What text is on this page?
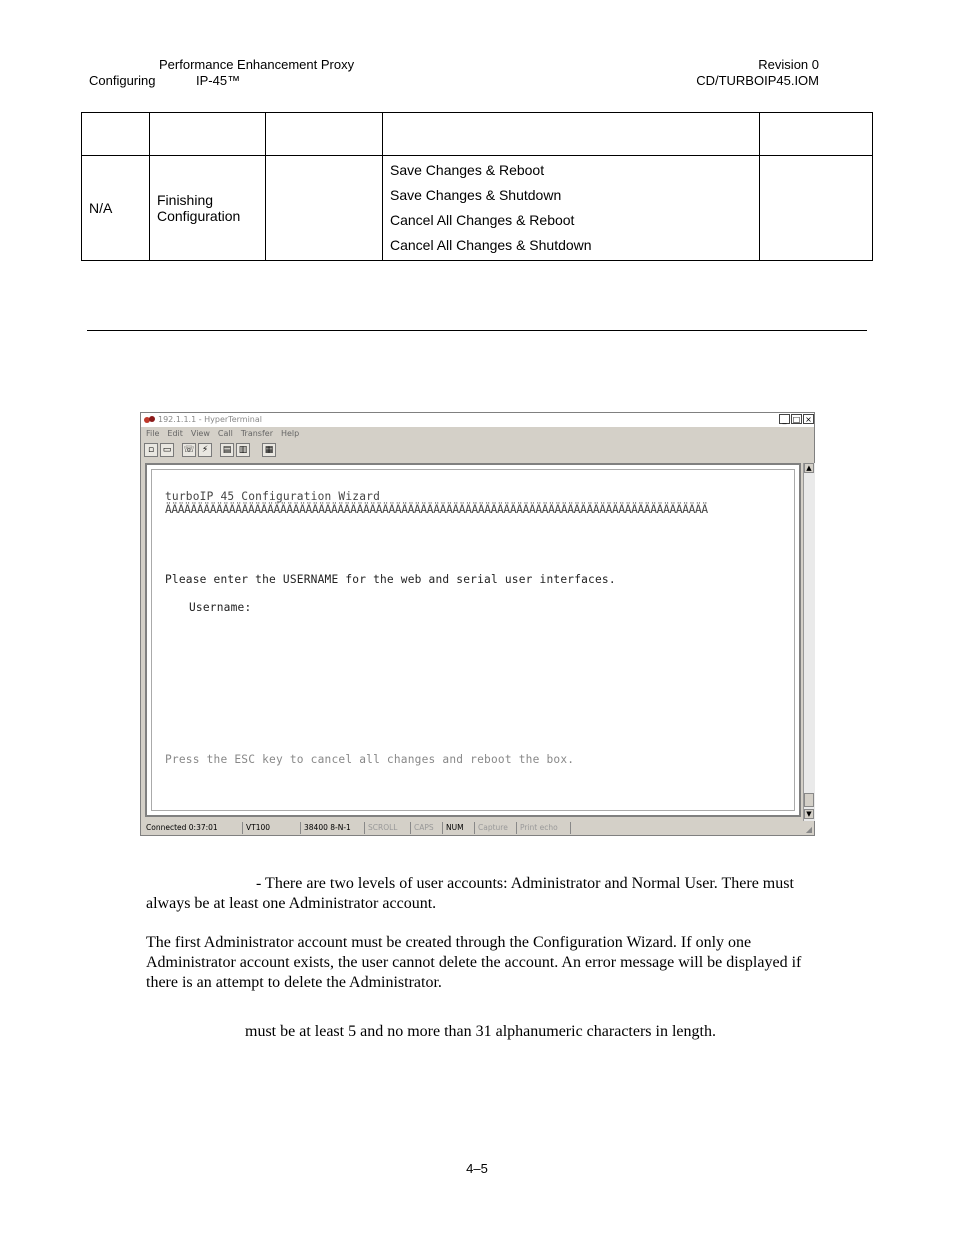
Performance Enhancement Proxy
Configuring	IP-45™
Revision 0
CD/TURBOIP45.IOM

N/A	Finishing Configuration		Save Changes & Reboot
Save Changes & Shutdown
Cancel All Changes & Reboot
Cancel All Changes & Shutdown	

192.1.1.1 - HyperTerminal	_ □ ×
File Edit View Call Transfer Help
▫ ▭	☏ ⚡	▤ ▥	▦
turboIP 45 Configuration Wizard
ÄÄÄÄÄÄÄÄÄÄÄÄÄÄÄÄÄÄÄÄÄÄÄÄÄÄÄÄÄÄÄÄÄÄÄÄÄÄÄÄÄÄÄÄÄÄÄÄÄÄÄÄÄÄÄÄÄÄÄÄÄÄÄÄÄÄÄÄÄÄÄÄÄÄÄÄÄÄÄÄÄÄÄÄÄ
Please enter the USERNAME for the web and serial user interfaces.
Username:
Press the ESC key to cancel all changes and reboot the box.
▲
▼
Connected 0:37:01	VT100	38400 8-N-1	SCROLL	CAPS	NUM	Capture	Print echo	◢
- There are two levels of user accounts: Administrator and Normal User. There must
always be at least one Administrator account.
The first Administrator account must be created through the Configuration Wizard. If only one
Administrator account exists, the user cannot delete the account. An error message will be displayed if
there is an attempt to delete the Administrator.
must be at least 5 and no more than 31 alphanumeric characters in length.
4–5
